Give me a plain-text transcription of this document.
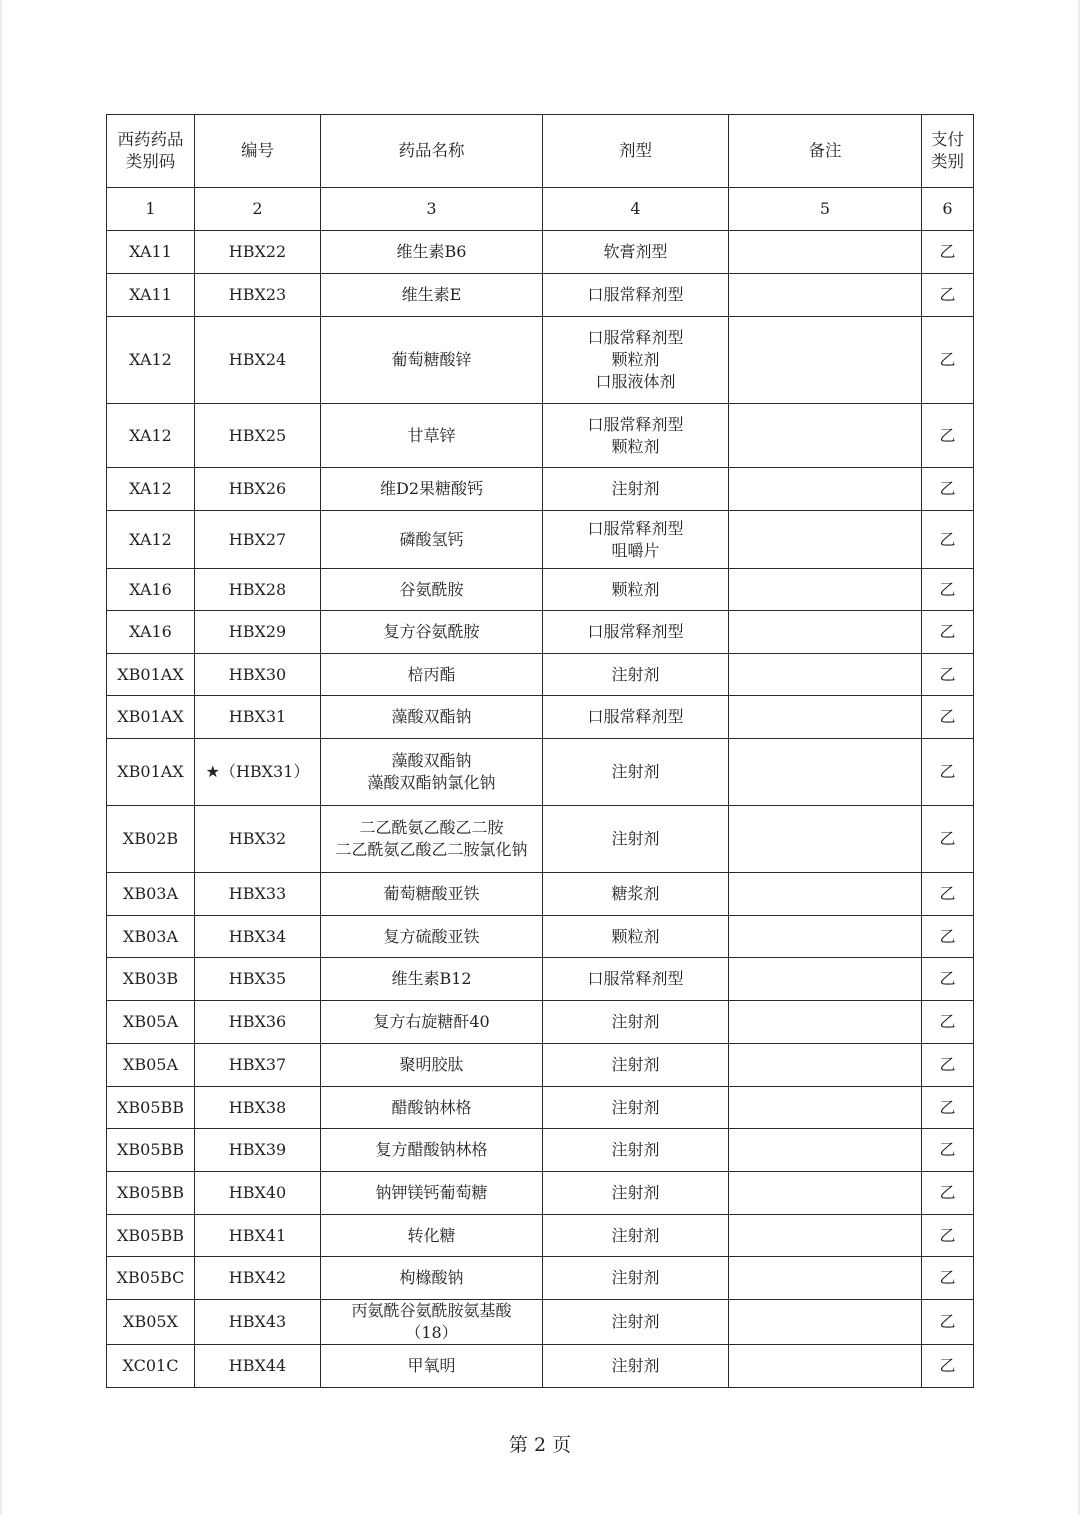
西药药品
类别码	编号	药品名称	剂型	备注	支付
类别
1	2	3	4	5	6
XA11	HBX22	维生素B6	软膏剂型		乙
XA11	HBX23	维生素E	口服常释剂型		乙
XA12	HBX24	葡萄糖酸锌	口服常释剂型
颗粒剂
口服液体剂		乙
XA12	HBX25	甘草锌	口服常释剂型
颗粒剂		乙
XA12	HBX26	维D2果糖酸钙	注射剂		乙
XA12	HBX27	磷酸氢钙	口服常释剂型
咀嚼片		乙
XA16	HBX28	谷氨酰胺	颗粒剂		乙
XA16	HBX29	复方谷氨酰胺	口服常释剂型		乙
XB01AX	HBX30	棓丙酯	注射剂		乙
XB01AX	HBX31	藻酸双酯钠	口服常释剂型		乙
XB01AX	★（HBX31）	藻酸双酯钠
藻酸双酯钠氯化钠	注射剂		乙
XB02B	HBX32	二乙酰氨乙酸乙二胺
二乙酰氨乙酸乙二胺氯化钠	注射剂		乙
XB03A	HBX33	葡萄糖酸亚铁	糖浆剂		乙
XB03A	HBX34	复方硫酸亚铁	颗粒剂		乙
XB03B	HBX35	维生素B12	口服常释剂型		乙
XB05A	HBX36	复方右旋糖酐40	注射剂		乙
XB05A	HBX37	聚明胶肽	注射剂		乙
XB05BB	HBX38	醋酸钠林格	注射剂		乙
XB05BB	HBX39	复方醋酸钠林格	注射剂		乙
XB05BB	HBX40	钠钾镁钙葡萄糖	注射剂		乙
XB05BB	HBX41	转化糖	注射剂		乙
XB05BC	HBX42	枸橼酸钠	注射剂		乙
XB05X	HBX43	丙氨酰谷氨酰胺氨基酸
（18）	注射剂		乙
XC01C	HBX44	甲氧明	注射剂		乙
第 2 页
